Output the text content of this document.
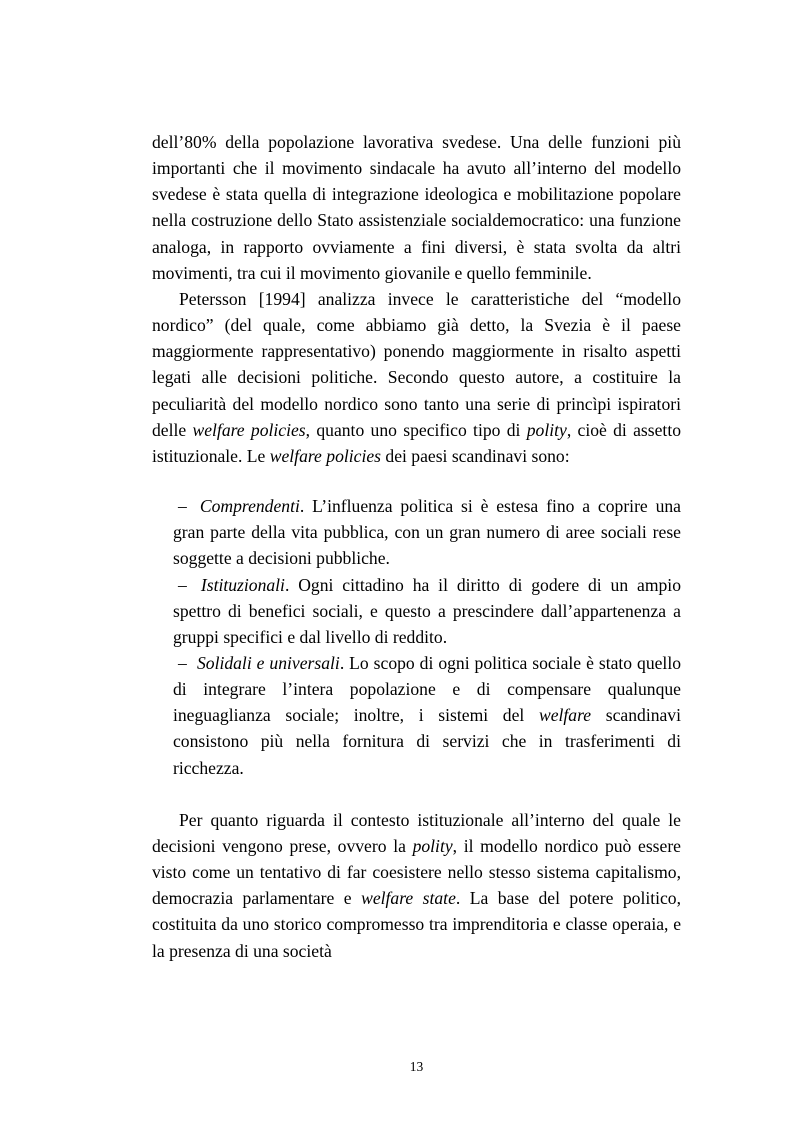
dell’80% della popolazione lavorativa svedese. Una delle funzioni più importanti che il movimento sindacale ha avuto all’interno del modello svedese è stata quella di integrazione ideologica e mobilitazione popolare nella costruzione dello Stato assistenziale socialdemocratico: una funzione analoga, in rapporto ovviamente a fini diversi, è stata svolta da altri movimenti, tra cui il movimento giovanile e quello femminile.

Petersson [1994] analizza invece le caratteristiche del “modello nordico” (del quale, come abbiamo già detto, la Svezia è il paese maggiormente rappresentativo) ponendo maggiormente in risalto aspetti legati alle decisioni politiche. Secondo questo autore, a costituire la peculiarità del modello nordico sono tanto una serie di princìpi ispiratori delle welfare policies, quanto uno specifico tipo di polity, cioè di assetto istituzionale. Le welfare policies dei paesi scandinavi sono:

– Comprendenti. L’influenza politica si è estesa fino a coprire una gran parte della vita pubblica, con un gran numero di aree sociali rese soggette a decisioni pubbliche.
– Istituzionali. Ogni cittadino ha il diritto di godere di un ampio spettro di benefici sociali, e questo a prescindere dall’appartenenza a gruppi specifici e dal livello di reddito.
– Solidali e universali. Lo scopo di ogni politica sociale è stato quello di integrare l’intera popolazione e di compensare qualunque ineguaglianza sociale; inoltre, i sistemi del welfare scandinavi consistono più nella fornitura di servizi che in trasferimenti di ricchezza.

Per quanto riguarda il contesto istituzionale all’interno del quale le decisioni vengono prese, ovvero la polity, il modello nordico può essere visto come un tentativo di far coesistere nello stesso sistema capitalismo, democrazia parlamentare e welfare state. La base del potere politico, costituita da uno storico compromesso tra imprenditoria e classe operaia, e la presenza di una società

13
